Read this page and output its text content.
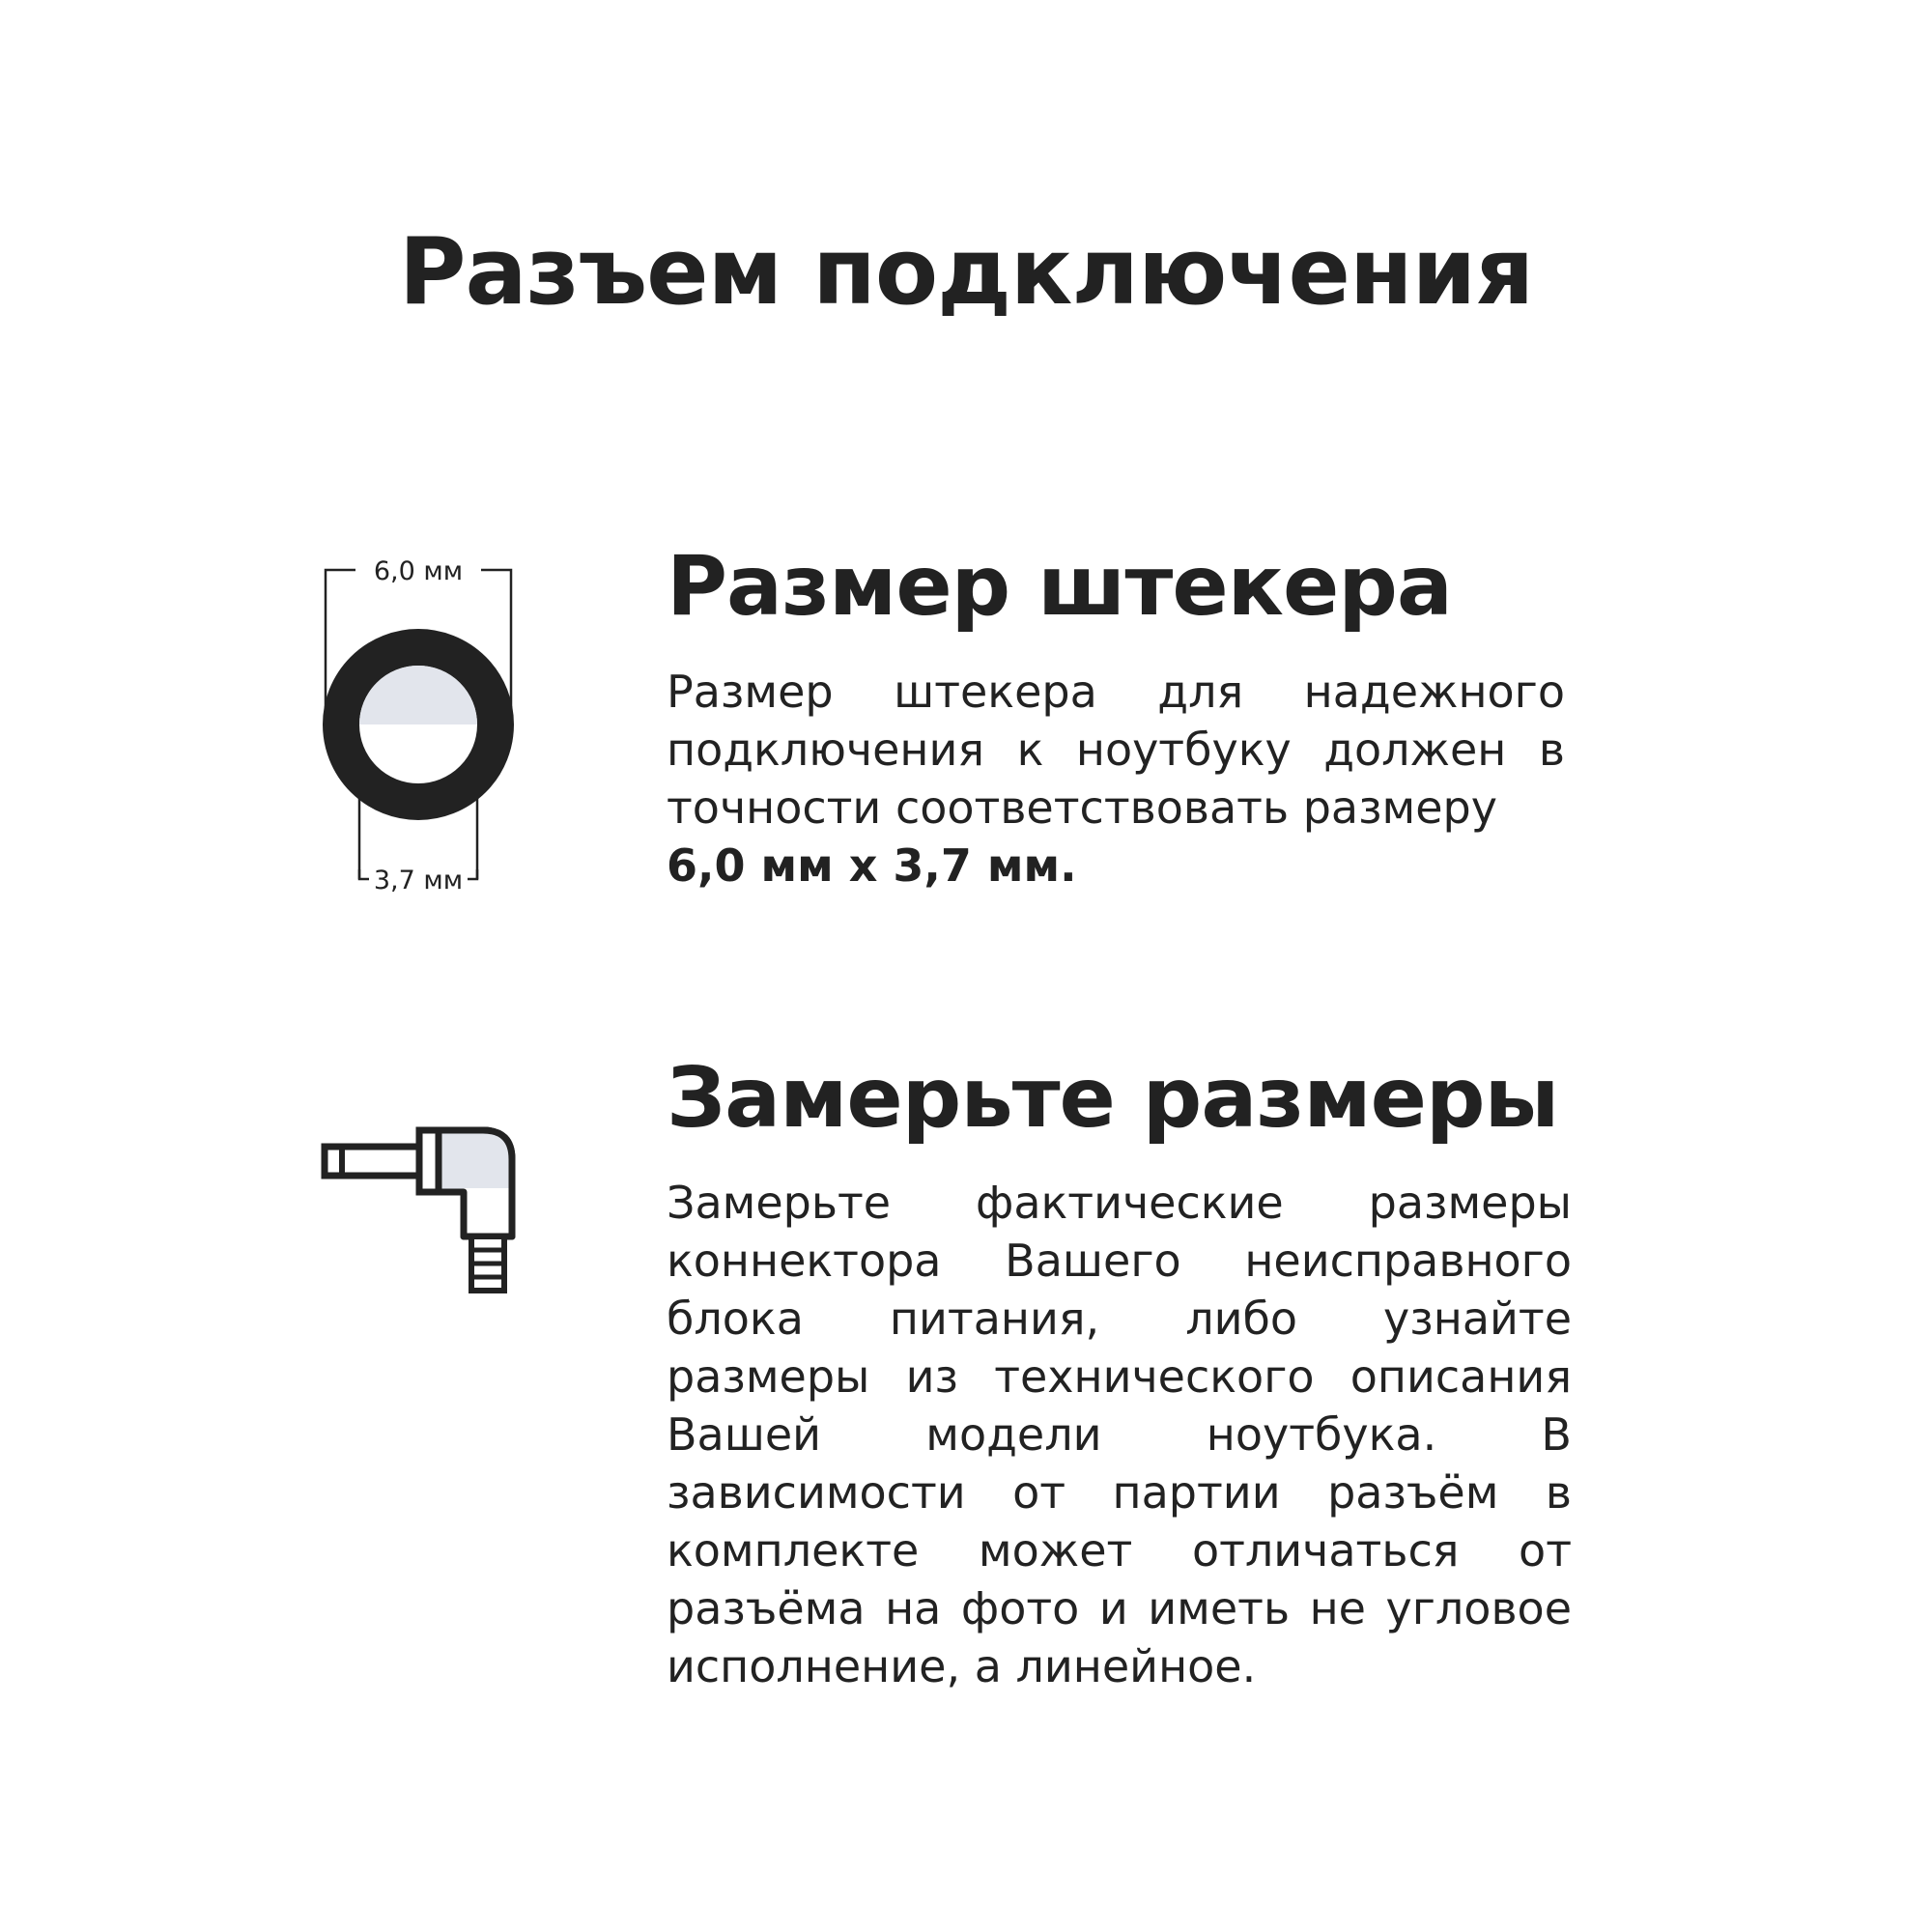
Разъем подключения
6,0 мм
3,7 мм
Размер штекера

Размер штекера для надежного подключения к ноутбуку должен в точности соответствовать размеру
6,0 мм x 3,7 мм.

Замерьте размеры

Замерьте фактические размеры коннектора Вашего неисправного блока питания, либо узнайте размеры из технического описания Вашей модели ноутбука. В зависимости от партии разъём в комплекте может отличаться от разъёма на фото и иметь не угловое исполнение, а линейное.
